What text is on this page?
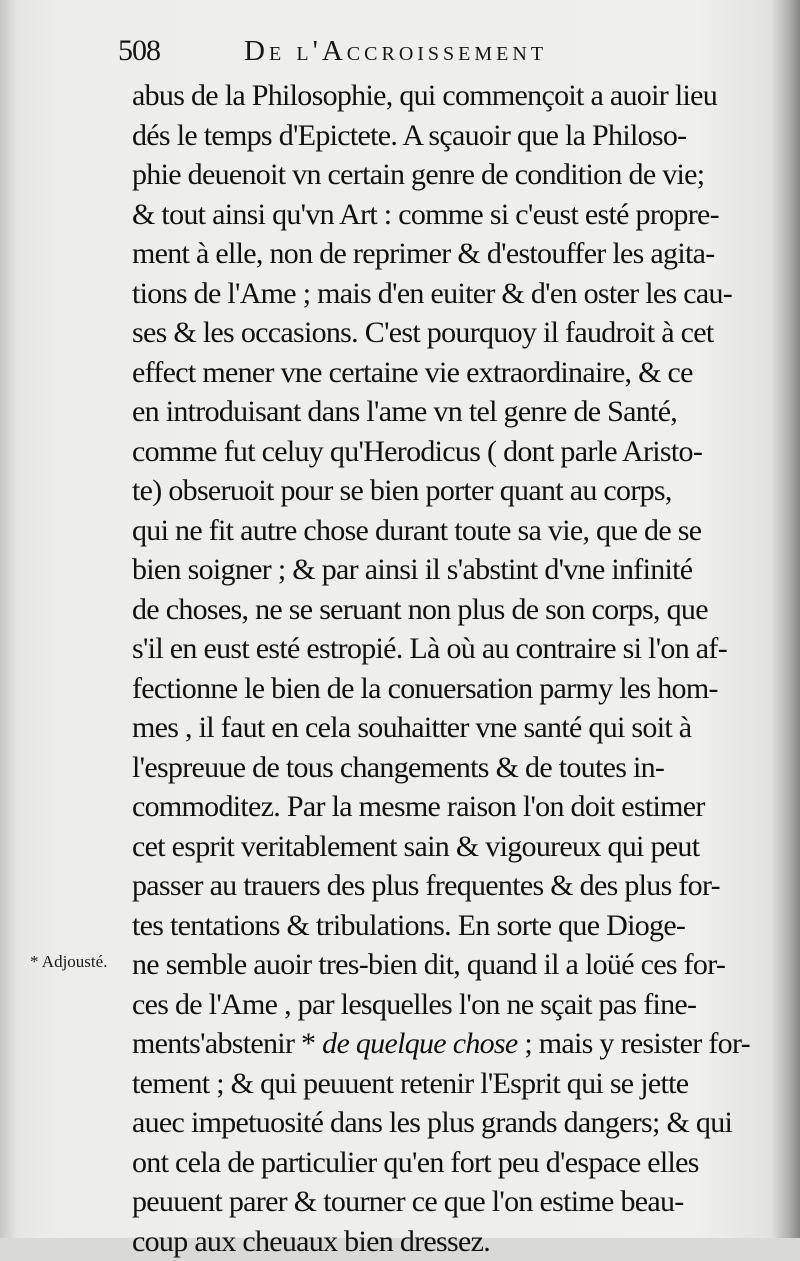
508	De l'Accroissement
* Adjousté.
abus de la Philosophie, qui commençoit a auoir lieu
dés le temps d'Epictete. A sçauoir que la Philoso-
phie deuenoit vn certain genre de condition de vie;
& tout ainsi qu'vn Art : comme si c'eust esté propre-
ment à elle, non de reprimer & d'estouffer les agita-
tions de l'Ame ; mais d'en euiter & d'en oster les cau-
ses & les occasions. C'est pourquoy il faudroit à cet
effect mener vne certaine vie extraordinaire, & ce
en introduisant dans l'ame vn tel genre de Santé,
comme fut celuy qu'Herodicus ( dont parle Aristo-
te) obseruoit pour se bien porter quant au corps,
qui ne fit autre chose durant toute sa vie, que de se
bien soigner ; & par ainsi il s'abstint d'vne infinité
de choses, ne se seruant non plus de son corps, que
s'il en eust esté estropié. Là où au contraire si l'on af-
fectionne le bien de la conuersation parmy les hom-
mes , il faut en cela souhaitter vne santé qui soit à
l'espreuue de tous changements & de toutes in-
commoditez. Par la mesme raison l'on doit estimer
cet esprit veritablement sain & vigoureux qui peut
passer au trauers des plus frequentes & des plus for-
tes tentations & tribulations. En sorte que Dioge-
ne semble auoir tres-bien dit, quand il a loüé ces for-
ces de l'Ame , par lesquelles l'on ne sçait pas fine-
ments'abstenir * de quelque chose ; mais y resister for-
tement ; & qui peuuent retenir l'Esprit qui se jette
auec impetuosité dans les plus grands dangers; & qui
ont cela de particulier qu'en fort peu d'espace elles
peuuent parer & tourner ce que l'on estime beau-
coup aux cheuaux bien dressez.
